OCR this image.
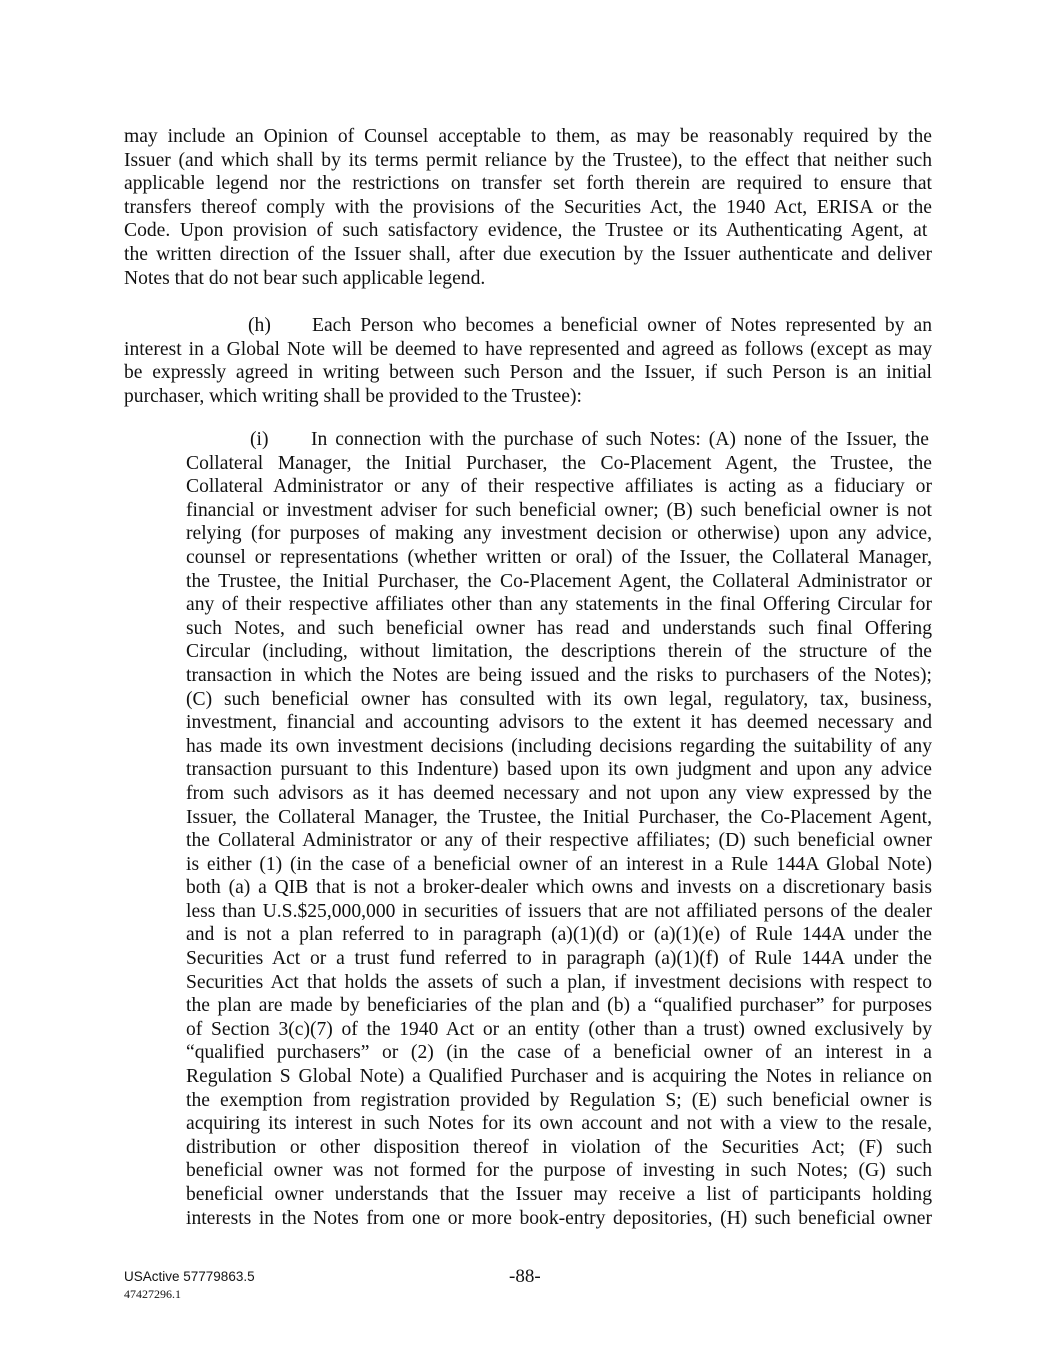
may include an Opinion of Counsel acceptable to them, as may be reasonably required by the
Issuer (and which shall by its terms permit reliance by the Trustee), to the effect that neither such
applicable legend nor the restrictions on transfer set forth therein are required to ensure that
transfers thereof comply with the provisions of the Securities Act, the 1940 Act, ERISA or the
Code. Upon provision of such satisfactory evidence, the Trustee or its Authenticating Agent, at
the written direction of the Issuer shall, after due execution by the Issuer authenticate and deliver
Notes that do not bear such applicable legend.
(h) Each Person who becomes a beneficial owner of Notes represented by an
interest in a Global Note will be deemed to have represented and agreed as follows (except as may
be expressly agreed in writing between such Person and the Issuer, if such Person is an initial
purchaser, which writing shall be provided to the Trustee):
(i) In connection with the purchase of such Notes: (A) none of the Issuer, the
Collateral Manager, the Initial Purchaser, the Co-Placement Agent, the Trustee, the
Collateral Administrator or any of their respective affiliates is acting as a fiduciary or
financial or investment adviser for such beneficial owner; (B) such beneficial owner is not
relying (for purposes of making any investment decision or otherwise) upon any advice,
counsel or representations (whether written or oral) of the Issuer, the Collateral Manager,
the Trustee, the Initial Purchaser, the Co-Placement Agent, the Collateral Administrator or
any of their respective affiliates other than any statements in the final Offering Circular for
such Notes, and such beneficial owner has read and understands such final Offering
Circular (including, without limitation, the descriptions therein of the structure of the
transaction in which the Notes are being issued and the risks to purchasers of the Notes);
(C) such beneficial owner has consulted with its own legal, regulatory, tax, business,
investment, financial and accounting advisors to the extent it has deemed necessary and
has made its own investment decisions (including decisions regarding the suitability of any
transaction pursuant to this Indenture) based upon its own judgment and upon any advice
from such advisors as it has deemed necessary and not upon any view expressed by the
Issuer, the Collateral Manager, the Trustee, the Initial Purchaser, the Co-Placement Agent,
the Collateral Administrator or any of their respective affiliates; (D) such beneficial owner
is either (1) (in the case of a beneficial owner of an interest in a Rule 144A Global Note)
both (a) a QIB that is not a broker-dealer which owns and invests on a discretionary basis
less than U.S.$25,000,000 in securities of issuers that are not affiliated persons of the dealer
and is not a plan referred to in paragraph (a)(1)(d) or (a)(1)(e) of Rule 144A under the
Securities Act or a trust fund referred to in paragraph (a)(1)(f) of Rule 144A under the
Securities Act that holds the assets of such a plan, if investment decisions with respect to
the plan are made by beneficiaries of the plan and (b) a “qualified purchaser” for purposes
of Section 3(c)(7) of the 1940 Act or an entity (other than a trust) owned exclusively by
“qualified purchasers” or (2) (in the case of a beneficial owner of an interest in a
Regulation S Global Note) a Qualified Purchaser and is acquiring the Notes in reliance on
the exemption from registration provided by Regulation S; (E) such beneficial owner is
acquiring its interest in such Notes for its own account and not with a view to the resale,
distribution or other disposition thereof in violation of the Securities Act; (F) such
beneficial owner was not formed for the purpose of investing in such Notes; (G) such
beneficial owner understands that the Issuer may receive a list of participants holding
interests in the Notes from one or more book-entry depositories, (H) such beneficial owner
USActive 57779863.5
47427296.1
-88-
